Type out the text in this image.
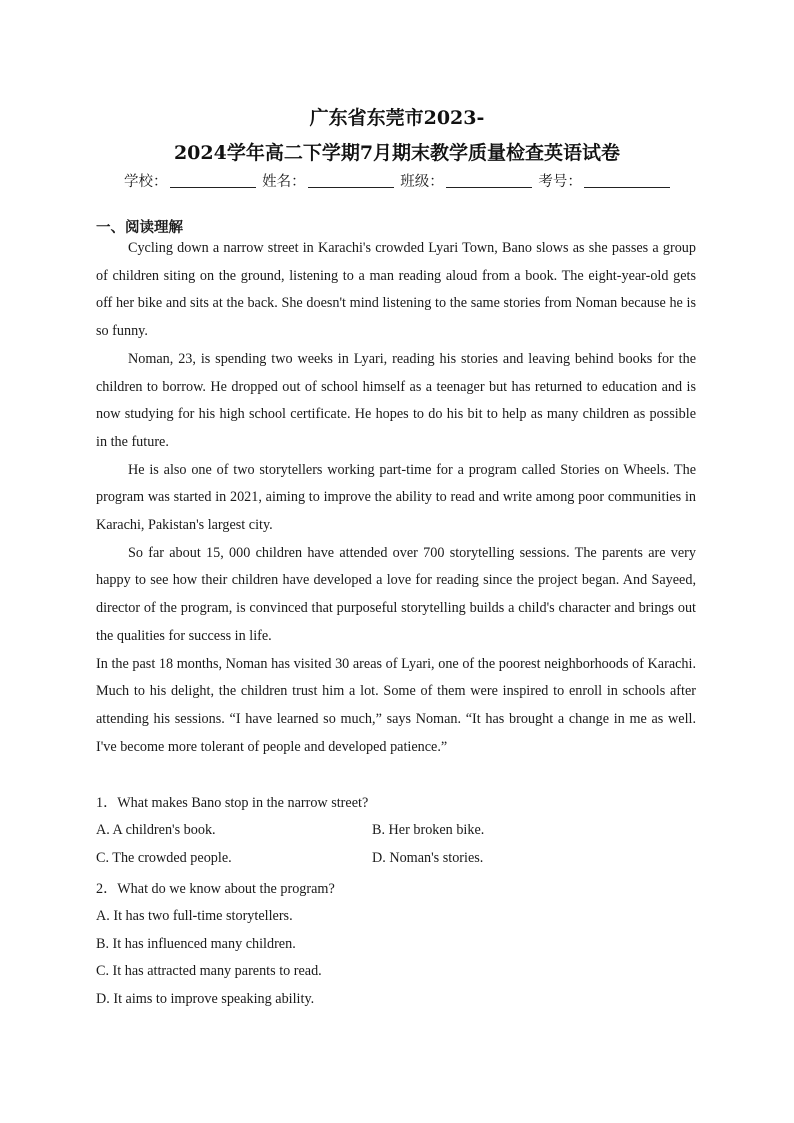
广东省东莞市2023-
2024学年高二下学期7月期末教学质量检查英语试卷
学校：	姓名：	班级：	考号：
一、阅读理解

Cycling down a narrow street in Karachi's crowded Lyari Town, Bano slows as she passes a group of children siting on the ground, listening to a man reading aloud from a book. The eight-year-old gets off her bike and sits at the back. She doesn't mind listening to the same stories from Noman because he is so funny.

Noman, 23, is spending two weeks in Lyari, reading his stories and leaving behind books for the children to borrow. He dropped out of school himself as a teenager but has returned to education and is now studying for his high school certificate. He hopes to do his bit to help as many children as possible in the future.

He is also one of two storytellers working part-time for a program called Stories on Wheels. The program was started in 2021, aiming to improve the ability to read and write among poor communities in Karachi, Pakistan's largest city.

So far about 15, 000 children have attended over 700 storytelling sessions. The parents are very happy to see how their children have developed a love for reading since the project began. And Sayeed, director of the program, is convinced that purposeful storytelling builds a child's character and brings out the qualities for success in life.

In the past 18 months, Noman has visited 30 areas of Lyari, one of the poorest neighborhoods of Karachi. Much to his delight, the children trust him a lot. Some of them were inspired to enroll in schools after attending his sessions. “I have learned so much,” says Noman. “It has brought a change in me as well. I've become more tolerant of people and developed patience.”

1．What makes Bano stop in the narrow street?
A. A children's book.	B. Her broken bike.
C. The crowded people.	D. Noman's stories.
2．What do we know about the program?
A. It has two full-time storytellers.
B. It has influenced many children.
C. It has attracted many parents to read.
D. It aims to improve speaking ability.
